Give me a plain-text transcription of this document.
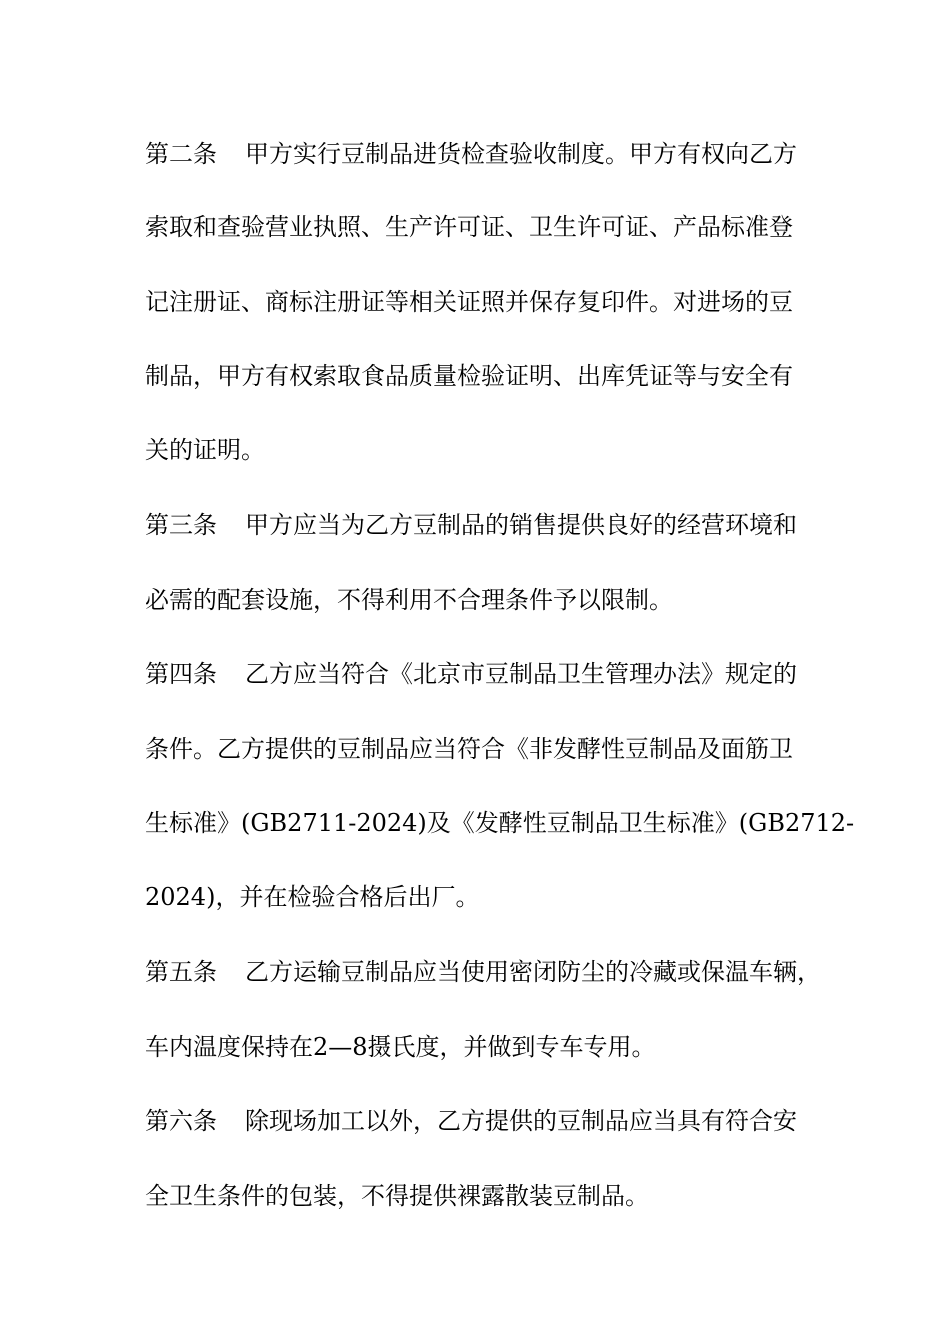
第二条 甲方实行豆制品进货检查验收制度。甲方有权向乙方
索取和查验营业执照、生产许可证、卫生许可证、产品标准登
记注册证、商标注册证等相关证照并保存复印件。对进场的豆
制品，甲方有权索取食品质量检验证明、出库凭证等与安全有
关的证明。
第三条 甲方应当为乙方豆制品的销售提供良好的经营环境和
必需的配套设施，不得利用不合理条件予以限制。
第四条 乙方应当符合《北京市豆制品卫生管理办法》规定的
条件。乙方提供的豆制品应当符合《非发酵性豆制品及面筋卫
生标准》(GB2711-2024)及《发酵性豆制品卫生标准》(GB2712-
2024)，并在检验合格后出厂。
第五条 乙方运输豆制品应当使用密闭防尘的冷藏或保温车辆，
车内温度保持在2—8摄氏度，并做到专车专用。
第六条 除现场加工以外，乙方提供的豆制品应当具有符合安
全卫生条件的包装，不得提供裸露散装豆制品。
